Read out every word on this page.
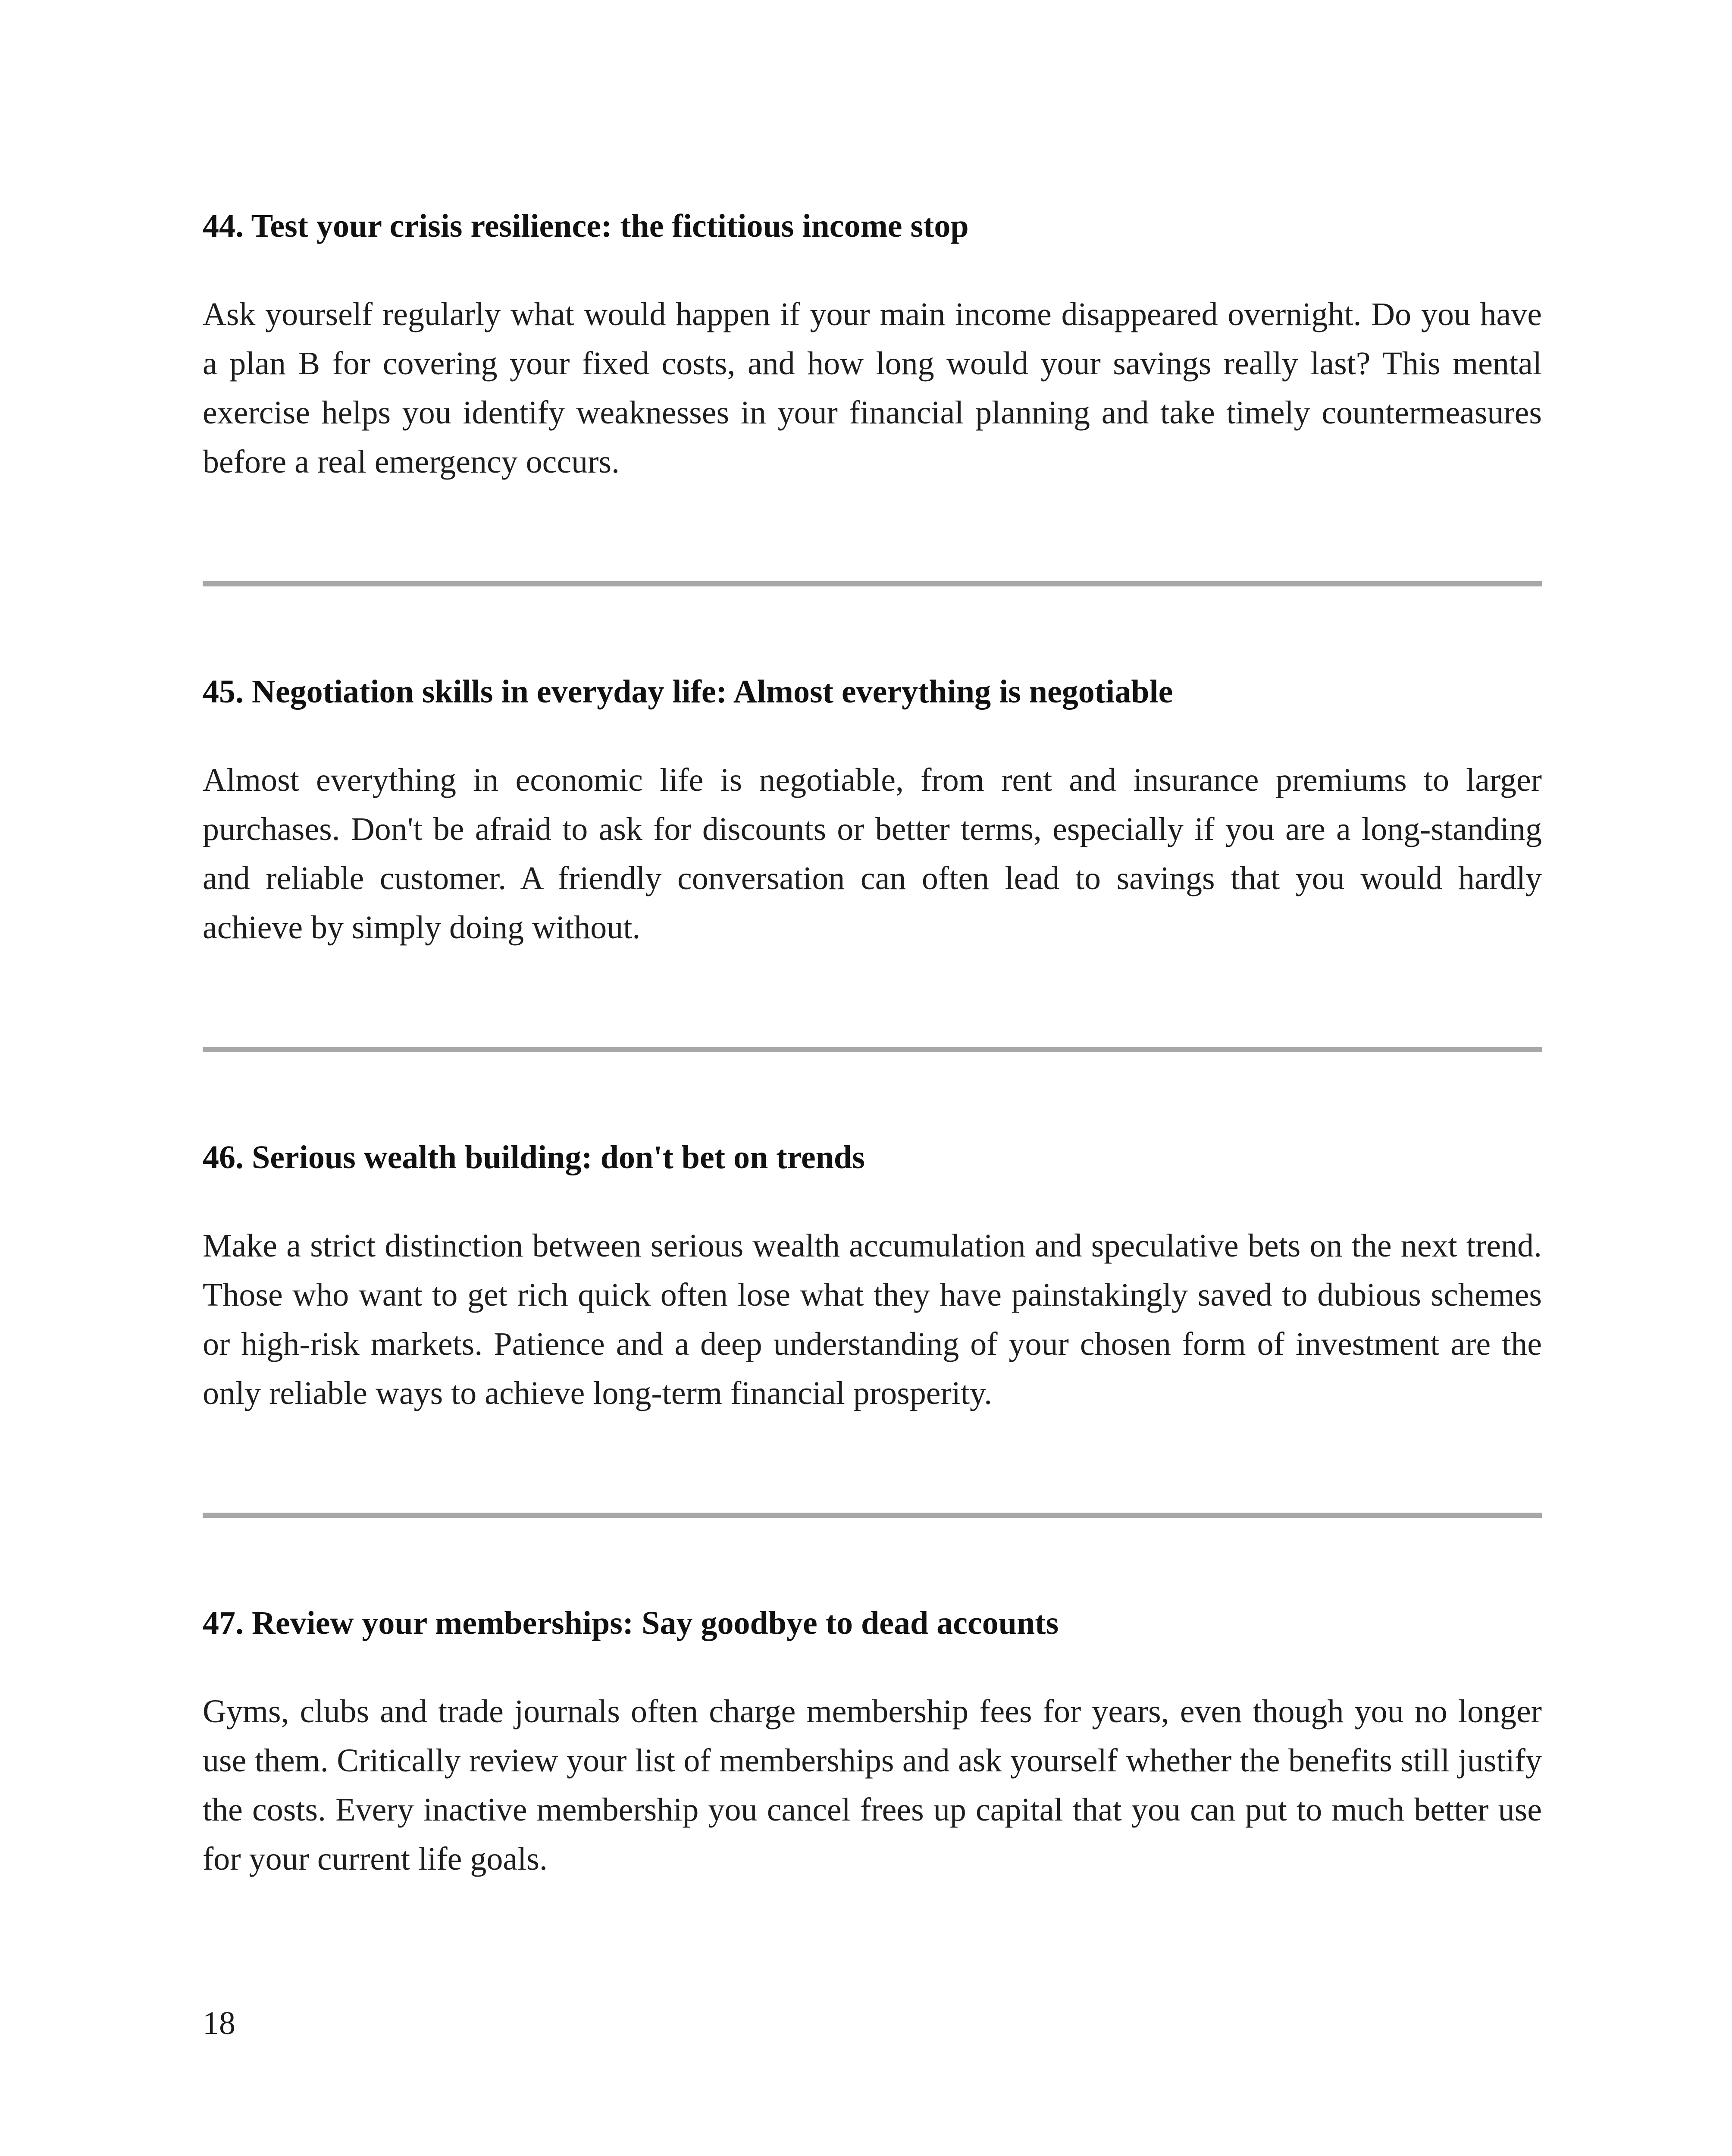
44. Test your crisis resilience: the fictitious income stop

Ask yourself regularly what would happen if your main income disappeared overnight. Do you have a plan B for covering your fixed costs, and how long would your savings really last? This mental exercise helps you identify weaknesses in your financial planning and take timely countermeasures before a real emergency occurs.

45. Negotiation skills in everyday life: Almost everything is negotiable

Almost everything in economic life is negotiable, from rent and insurance premiums to larger purchases. Don't be afraid to ask for discounts or better terms, especially if you are a long-standing and reliable customer. A friendly conversation can often lead to savings that you would hardly achieve by simply doing without.

46. Serious wealth building: don't bet on trends

Make a strict distinction between serious wealth accumulation and speculative bets on the next trend. Those who want to get rich quick often lose what they have painstakingly saved to dubious schemes or high-risk markets. Patience and a deep understanding of your chosen form of investment are the only reliable ways to achieve long-term financial prosperity.

47. Review your memberships: Say goodbye to dead accounts

Gyms, clubs and trade journals often charge membership fees for years, even though you no longer use them. Critically review your list of memberships and ask yourself whether the benefits still justify the costs. Every inactive membership you cancel frees up capital that you can put to much better use for your current life goals.

18
